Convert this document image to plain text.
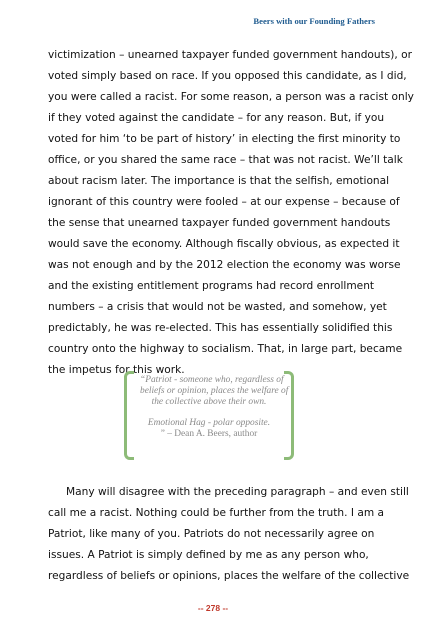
Beers with our Founding Fathers
victimization – unearned taxpayer funded government handouts), or
voted simply based on race. If you opposed this candidate, as I did,
you were called a racist. For some reason, a person was a racist only
if they voted against the candidate – for any reason. But, if you
voted for him ‘to be part of history’ in electing the first minority to
office, or you shared the same race – that was not racist. We’ll talk
about racism later. The importance is that the selfish, emotional
ignorant of this country were fooled – at our expense – because of
the sense that unearned taxpayer funded government handouts
would save the economy. Although fiscally obvious, as expected it
was not enough and by the 2012 election the economy was worse
and the existing entitlement programs had record enrollment
numbers – a crisis that would not be wasted, and somehow, yet
predictably, he was re-elected. This has essentially solidified this
country onto the highway to socialism. That, in large part, became
the impetus for this work.
“Patriot - someone who, regardless of
beliefs or opinion, places the welfare of
the collective above their own.
Emotional Hag - polar opposite.
” – Dean A. Beers, author
Many will disagree with the preceding paragraph – and even still
call me a racist. Nothing could be further from the truth. I am a
Patriot, like many of you. Patriots do not necessarily agree on
issues. A Patriot is simply defined by me as any person who,
regardless of beliefs or opinions, places the welfare of the collective
-- 278 --
